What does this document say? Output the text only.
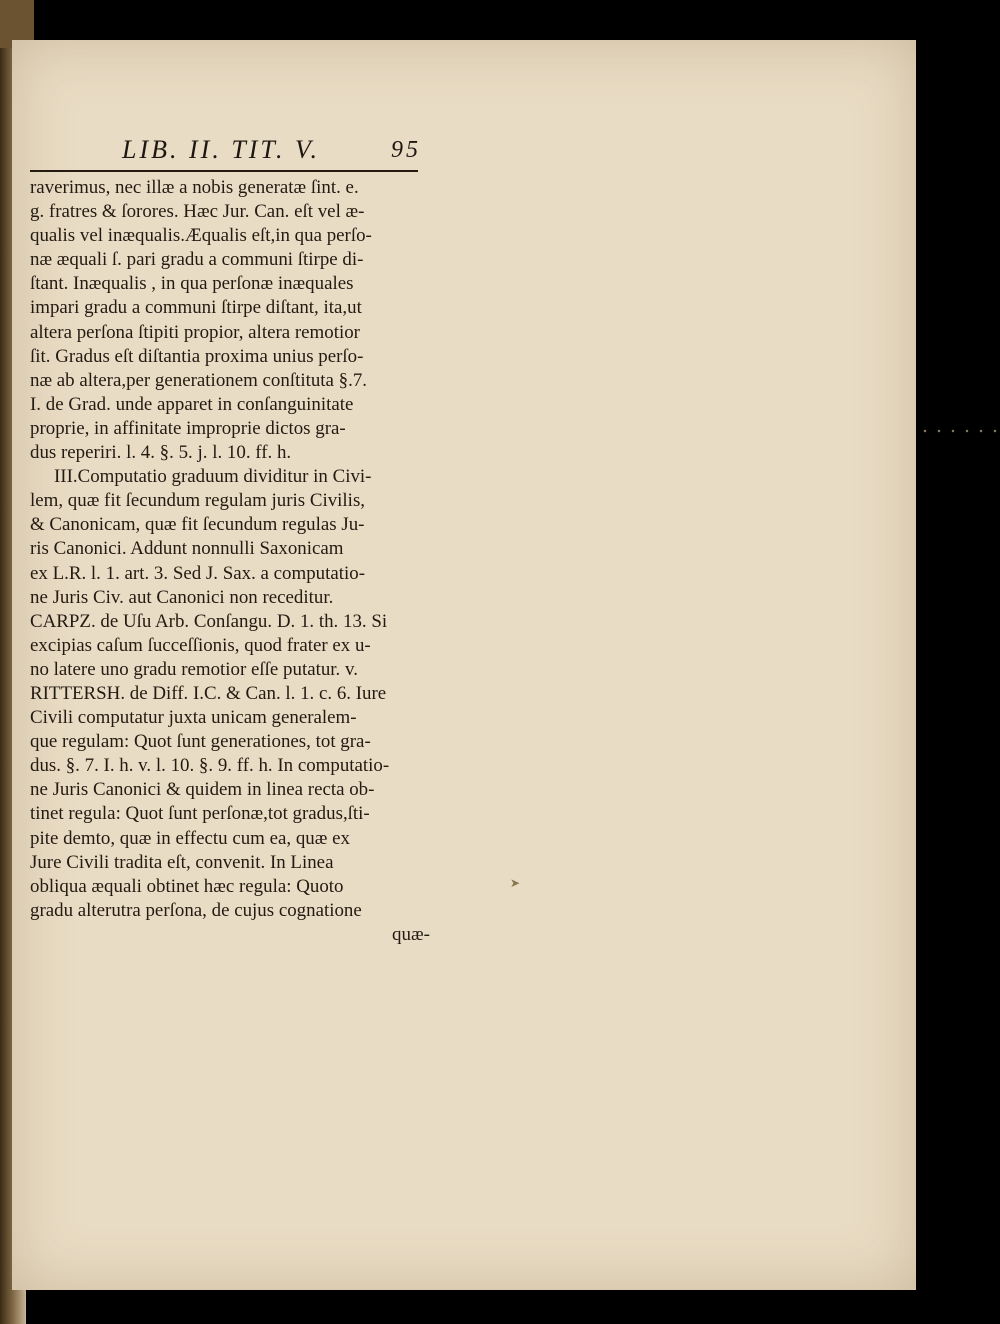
LIB. II. TIT. V.	95
raverimus, nec illæ a nobis generatæ ſint. e.
g. fratres & ſorores. Hæc Jur. Can. eſt vel æ-
qualis vel inæqualis.Æqualis eſt,in qua perſo-
næ æquali ſ. pari gradu a communi ſtirpe di-
ſtant. Inæqualis , in qua perſonæ inæquales
impari gradu a communi ſtirpe diſtant, ita,ut
altera perſona ſtipiti propior, altera remotior
ſit. Gradus eſt diſtantia proxima unius perſo-
næ ab altera,per generationem conſtituta §.7.
I. de Grad. unde apparet in conſanguinitate
proprie, in affinitate improprie dictos gra-
dus reperiri. l. 4. §. 5. j. l. 10. ff. h.
III.Computatio graduum dividitur in Civi-
lem, quæ fit ſecundum regulam juris Civilis,
& Canonicam, quæ fit ſecundum regulas Ju-
ris Canonici. Addunt nonnulli Saxonicam
ex L.R. l. 1. art. 3. Sed J. Sax. a computatio-
ne Juris Civ. aut Canonici non receditur.
CARPZ. de Uſu Arb. Conſangu. D. 1. th. 13. Si
excipias caſum ſucceſſionis, quod frater ex u-
no latere uno gradu remotior eſſe putatur. v.
RITTERSH. de Diff. I.C. & Can. l. 1. c. 6. Iure
Civili computatur juxta unicam generalem-
que regulam: Quot ſunt generationes, tot gra-
dus. §. 7. I. h. v. l. 10. §. 9. ff. h. In computatio-
ne Juris Canonici & quidem in linea recta ob-
tinet regula: Quot ſunt perſonæ,tot gradus,ſti-
pite demto, quæ in effectu cum ea, quæ ex
Jure Civili tradita eſt, convenit. In Linea
obliqua æquali obtinet hæc regula: Quoto
gradu alterutra perſona, de cujus cognatione
quæ-
➤
